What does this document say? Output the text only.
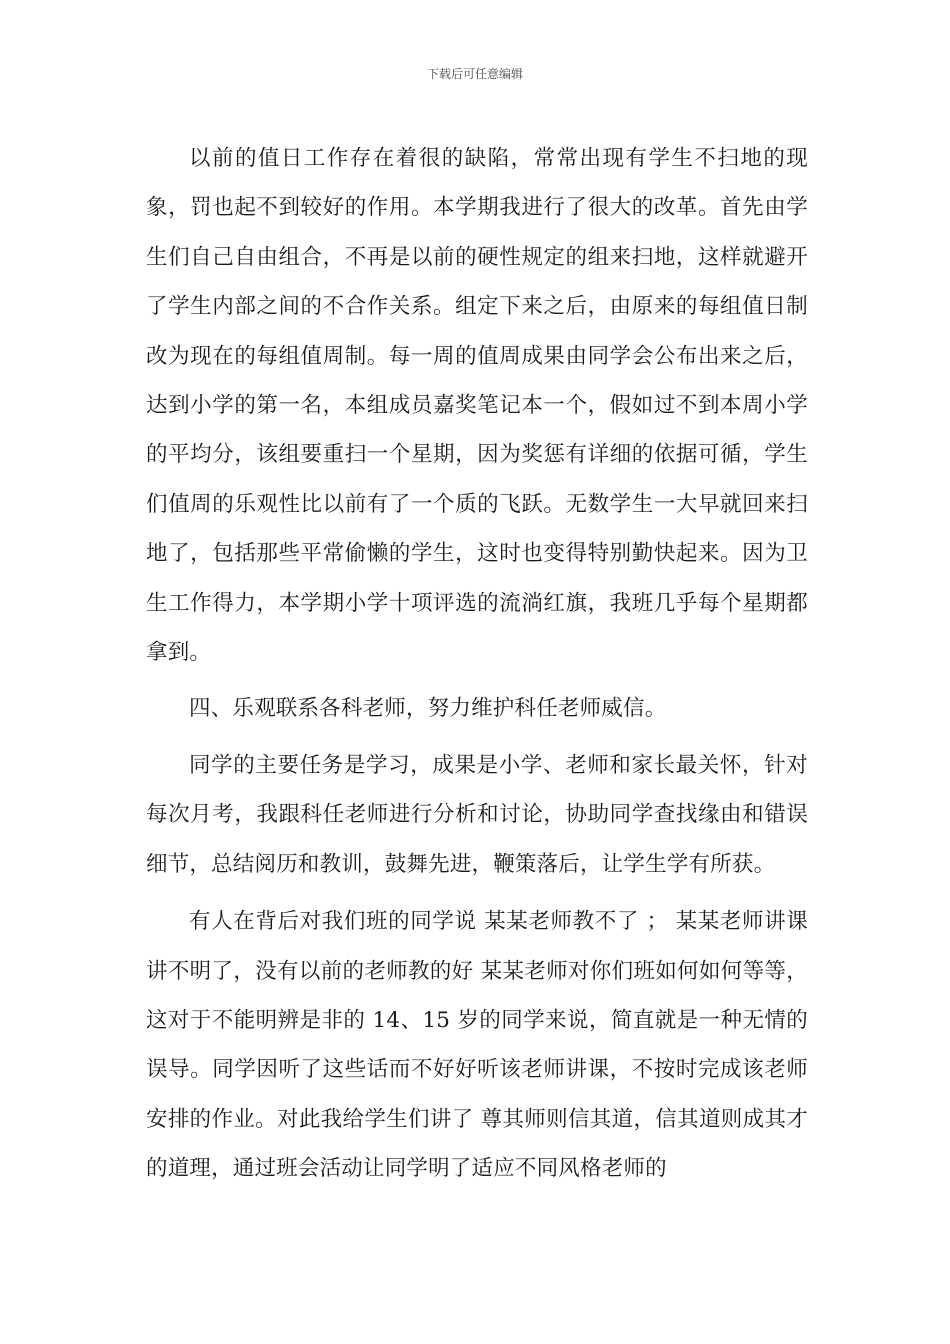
下载后可任意编辑

以前的值日工作存在着很的缺陷，常常出现有学生不扫地的现象，罚也起不到较好的作用。本学期我进行了很大的改革。首先由学生们自己自由组合，不再是以前的硬性规定的组来扫地，这样就避开了学生内部之间的不合作关系。组定下来之后，由原来的每组值日制改为现在的每组值周制。每一周的值周成果由同学会公布出来之后，达到小学的第一名，本组成员嘉奖笔记本一个，假如过不到本周小学的平均分，该组要重扫一个星期，因为奖惩有详细的依据可循，学生们值周的乐观性比以前有了一个质的飞跃。无数学生一大早就回来扫地了，包括那些平常偷懒的学生，这时也变得特别勤快起来。因为卫生工作得力，本学期小学十项评选的流淌红旗，我班几乎每个星期都拿到。

四、乐观联系各科老师，努力维护科任老师威信。

同学的主要任务是学习，成果是小学、老师和家长最关怀，针对每次月考，我跟科任老师进行分析和讨论，协助同学查找缘由和错误细节，总结阅历和教训，鼓舞先进，鞭策落后，让学生学有所获。

有人在背后对我们班的同学说 某某老师教不了 ； 某某老师讲课讲不明了，没有以前的老师教的好 某某老师对你们班如何如何等等，这对于不能明辨是非的 14、15 岁的同学来说，简直就是一种无情的误导。同学因听了这些话而不好好听该老师讲课，不按时完成该老师安排的作业。对此我给学生们讲了 尊其师则信其道，信其道则成其才 的道理，通过班会活动让同学明了适应不同风格老师的
